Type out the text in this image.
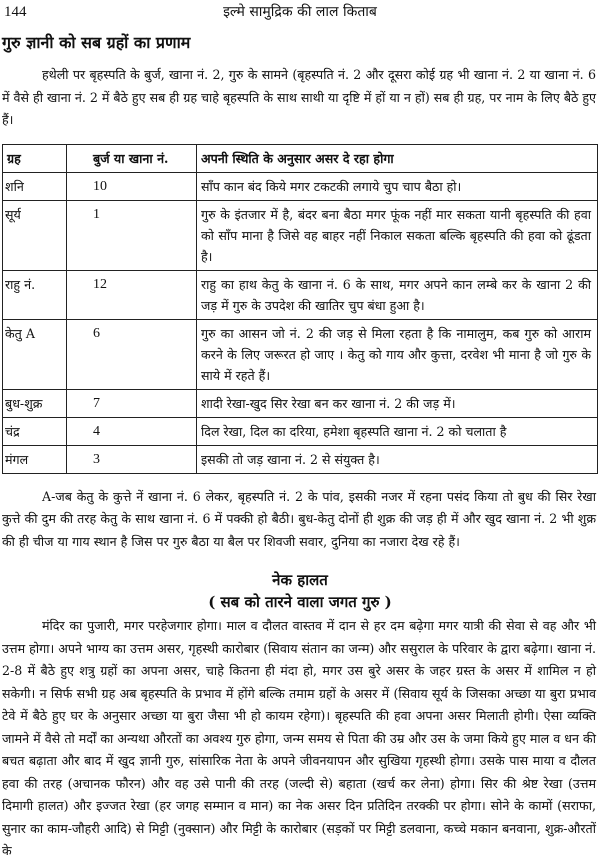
144	इल्मे सामुद्रिक की लाल किताब
गुरु ज्ञानी को सब ग्रहों का प्रणाम

हथेली पर बृहस्पति के बुर्ज, खाना नं. 2, गुरु के सामने (बृहस्पति नं. 2 और दूसरा कोई ग्रह भी खाना नं. 2 या खाना नं. 6 में वैसे ही खाना नं. 2 में बैठे हुए सब ही ग्रह चाहे बृहस्पति के साथ साथी या दृष्टि में हों या न हों) सब ही ग्रह, पर नाम के लिए बैठे हुए हैं।

ग्रह	बुर्ज या खाना नं.	अपनी स्थिति के अनुसार असर दे रहा होगा
शनि	10	साँप कान बंद किये मगर टकटकी लगाये चुप चाप बैठा हो।
सूर्य	1	गुरु के इंतजार में है, बंदर बना बैठा मगर फूंक नहीं मार सकता यानी बृहस्पति की हवा को साँप माना है जिसे वह बाहर नहीं निकाल सकता बल्कि बृहस्पति की हवा को ढूंडता है।
राहु नं.	12	राहु का हाथ केतु के खाना नं. 6 के साथ, मगर अपने कान लम्बे कर के खाना 2 की जड़ में गुरु के उपदेश की खातिर चुप बंधा हुआ है।
केतु A	6	गुरु का आसन जो नं. 2 की जड़ से मिला रहता है कि नामालुम, कब गुरु को आराम करने के लिए जरूरत हो जाए । केतु को गाय और कुत्ता, दरवेश भी माना है जो गुरु के साये में रहते हैं।
बुध-शुक्र	7	शादी रेखा-खुद सिर रेखा बन कर खाना नं. 2 की जड़ में।
चंद्र	4	दिल रेखा, दिल का दरिया, हमेशा बृहस्पति खाना नं. 2 को चलाता है
मंगल	3	इसकी तो जड़ खाना नं. 2 से संयुक्त है।

A-जब केतु के कुत्ते नें खाना नं. 6 लेकर, बृहस्पति नं. 2 के पांव, इसकी नजर में रहना पसंद किया तो बुध की सिर रेखा कुत्ते की दुम की तरह केतु के साथ खाना नं. 6 में पक्की हो बैठी। बुध-केतु दोनों ही शुक्र की जड़ ही में और खुद खाना नं. 2 भी शुक्र की ही चीज या गाय स्थान है जिस पर गुरु बैठा या बैल पर शिवजी सवार, दुनिया का नजारा देख रहे हैं।

नेक हालत
( सब को तारने वाला जगत गुरु )

मंदिर का पुजारी, मगर परहेजगार होगा। माल व दौलत वास्तव में दान से हर दम बढ़ेगा मगर यात्री की सेवा से वह और भी उत्तम होगा। अपने भाग्य का उत्तम असर, गृहस्थी कारोबार (सिवाय संतान का जन्म) और ससुराल के परिवार के द्वारा बढ़ेगा। खाना नं. 2-8 में बैठे हुए शत्रु ग्रहों का अपना असर, चाहे कितना ही मंदा हो, मगर उस बुरे असर के जहर ग्रस्त के असर में शामिल न हो सकेगी। न सिर्फ सभी ग्रह अब बृहस्पति के प्रभाव में होंगे बल्कि तमाम ग्रहों के असर में (सिवाय सूर्य के जिसका अच्छा या बुरा प्रभाव टेवे में बैठे हुए घर के अनुसार अच्छा या बुरा जैसा भी हो कायम रहेगा)। बृहस्पति की हवा अपना असर मिलाती होगी। ऐसा व्यक्ति जामने में वैसे तो मर्दों का अन्यथा औरतों का अवश्य गुरु होगा, जन्म समय से पिता की उम्र और उस के जमा किये हुए माल व धन की बचत बढ़ाता और बाद में खुद ज्ञानी गुरु, सांसारिक नेता के अपने जीवनयापन और सुखिया गृहस्थी होगा। उसके पास माया व दौलत हवा की तरह (अचानक फौरन) और वह उसे पानी की तरह (जल्दी से) बहाता (खर्च कर लेना) होगा। सिर की श्रेष्ट रेखा (उत्तम दिमागी हालत) और इज्जत रेखा (हर जगह सम्मान व मान) का नेक असर दिन प्रतिदिन तरक्की पर होगा। सोने के कामों (सराफा, सुनार का काम-जौहरी आदि) से मिट्टी (नुक्सान) और मिट्टी के कारोबार (सड़कों पर मिट्टी डलवाना, कच्चे मकान बनवाना, शुक्र-औरतों के
